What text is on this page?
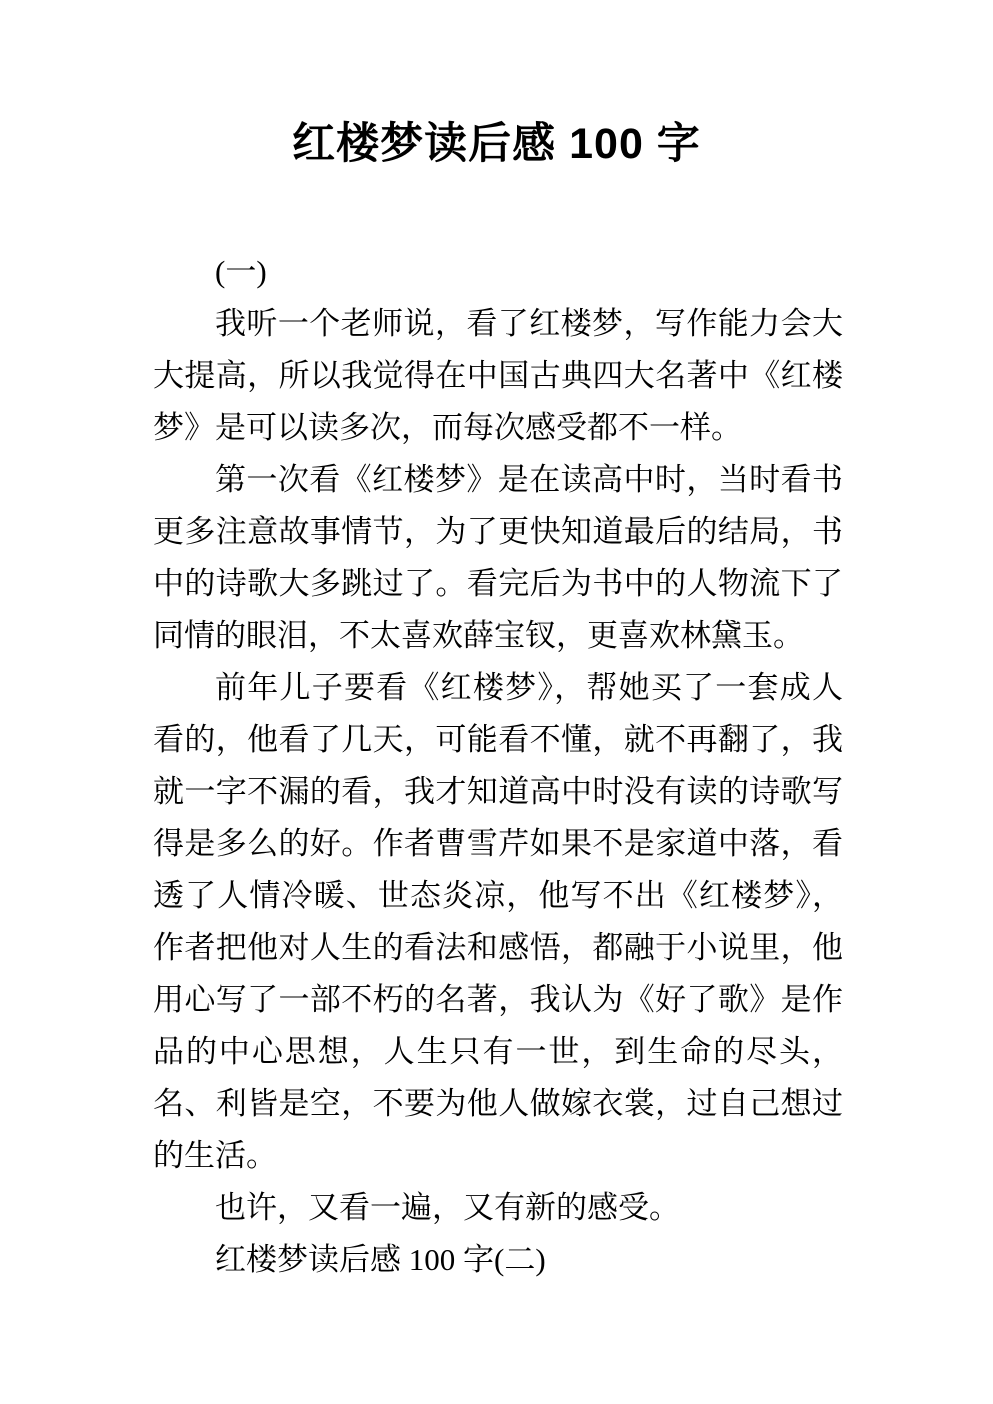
红楼梦读后感 100 字

(一)

我听一个老师说，看了红楼梦，写作能力会大大提高，所以我觉得在中国古典四大名著中《红楼梦》是可以读多次，而每次感受都不一样。

第一次看《红楼梦》是在读高中时，当时看书更多注意故事情节，为了更快知道最后的结局，书中的诗歌大多跳过了。看完后为书中的人物流下了同情的眼泪，不太喜欢薛宝钗，更喜欢林黛玉。

前年儿子要看《红楼梦》，帮她买了一套成人看的，他看了几天，可能看不懂，就不再翻了，我就一字不漏的看，我才知道高中时没有读的诗歌写得是多么的好。作者曹雪芹如果不是家道中落，看透了人情冷暖、世态炎凉，他写不出《红楼梦》，作者把他对人生的看法和感悟，都融于小说里，他用心写了一部不朽的名著，我认为《好了歌》是作品的中心思想，人生只有一世，到生命的尽头，名、利皆是空，不要为他人做嫁衣裳，过自己想过的生活。

也许，又看一遍，又有新的感受。

红楼梦读后感 100 字(二)
